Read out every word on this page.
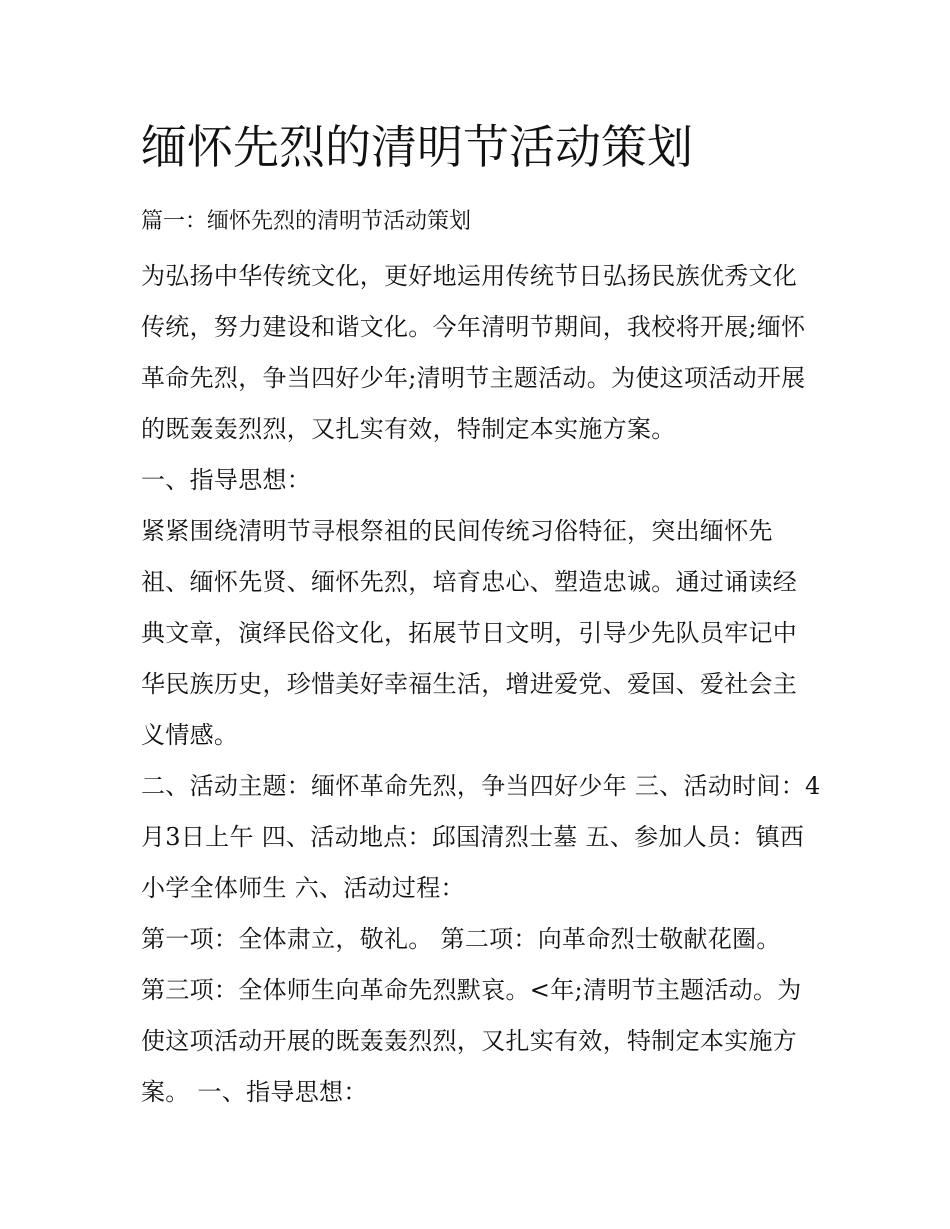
缅怀先烈的清明节活动策划
篇一：缅怀先烈的清明节活动策划

为弘扬中华传统文化，更好地运用传统节日弘扬民族优秀文化传统，努力建设和谐文化。今年清明节期间，我校将开展;缅怀革命先烈，争当四好少年;清明节主题活动。为使这项活动开展的既轰轰烈烈，又扎实有效，特制定本实施方案。

一、指导思想：

紧紧围绕清明节寻根祭祖的民间传统习俗特征，突出缅怀先祖、缅怀先贤、缅怀先烈，培育忠心、塑造忠诚。通过诵读经典文章，演绎民俗文化，拓展节日文明，引导少先队员牢记中华民族历史，珍惜美好幸福生活，增进爱党、爱国、爱社会主义情感。

二、活动主题：缅怀革命先烈，争当四好少年 三、活动时间：4月3日上午 四、活动地点：邱国清烈士墓 五、参加人员：镇西小学全体师生 六、活动过程：

第一项：全体肃立，敬礼。 第二项：向革命烈士敬献花圈。

第三项：全体师生向革命先烈默哀。<年;清明节主题活动。为使这项活动开展的既轰轰烈烈，又扎实有效，特制定本实施方案。 一、指导思想：
